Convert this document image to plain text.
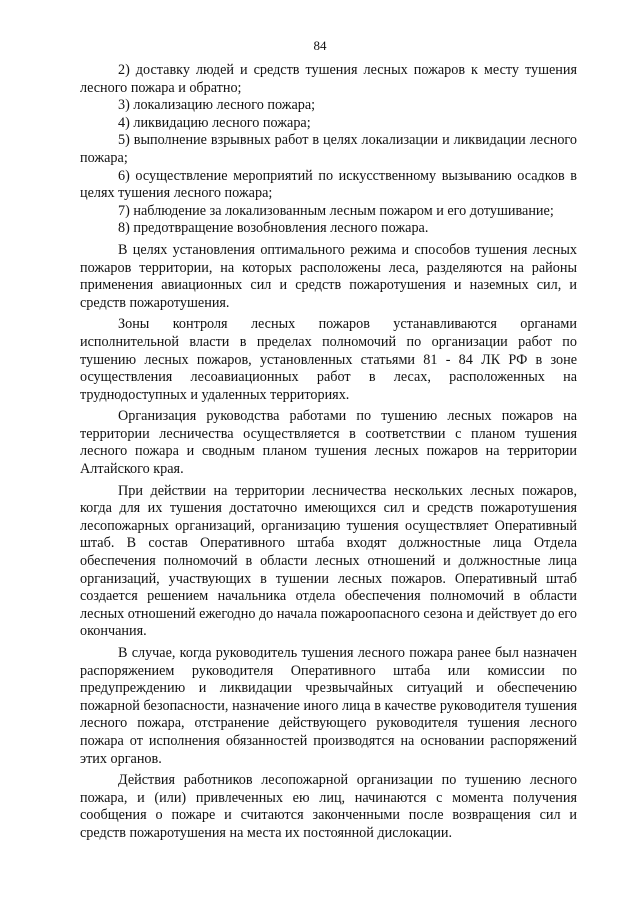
84

2) доставку людей и средств тушения лесных пожаров к месту тушения лесного пожара и обратно;

3) локализацию лесного пожара;

4) ликвидацию лесного пожара;

5) выполнение взрывных работ в целях локализации и ликвидации лесного пожара;

6) осуществление мероприятий по искусственному вызыванию осадков в целях тушения лесного пожара;

7) наблюдение за локализованным лесным пожаром и его дотушивание;

8) предотвращение возобновления лесного пожара.

В целях установления оптимального режима и способов тушения лесных пожаров территории, на которых расположены леса, разделяются на районы применения авиационных сил и средств пожаротушения и наземных сил, и средств пожаротушения.

Зоны контроля лесных пожаров устанавливаются органами исполнительной власти в пределах полномочий по организации работ по тушению лесных пожаров, установленных статьями 81 - 84 ЛК РФ в зоне осуществления лесоавиационных работ в лесах, расположенных на труднодоступных и удаленных территориях.

Организация руководства работами по тушению лесных пожаров на территории лесничества осуществляется в соответствии с планом тушения лесного пожара и сводным планом тушения лесных пожаров на территории Алтайского края.

При действии на территории лесничества нескольких лесных пожаров, когда для их тушения достаточно имеющихся сил и средств пожаротушения лесопожарных организаций, организацию тушения осуществляет Оперативный штаб. В состав Оперативного штаба входят должностные лица Отдела обеспечения полномочий в области лесных отношений и должностные лица организаций, участвующих в тушении лесных пожаров. Оперативный штаб создается решением начальника отдела обеспечения полномочий в области лесных отношений ежегодно до начала пожароопасного сезона и действует до его окончания.

В случае, когда руководитель тушения лесного пожара ранее был назначен распоряжением руководителя Оперативного штаба или комиссии по предупреждению и ликвидации чрезвычайных ситуаций и обеспечению пожарной безопасности, назначение иного лица в качестве руководителя тушения лесного пожара, отстранение действующего руководителя тушения лесного пожара от исполнения обязанностей производятся на основании распоряжений этих органов.

Действия работников лесопожарной организации по тушению лесного пожара, и (или) привлеченных ею лиц, начинаются с момента получения сообщения о пожаре и считаются законченными после возвращения сил и средств пожаротушения на места их постоянной дислокации.
